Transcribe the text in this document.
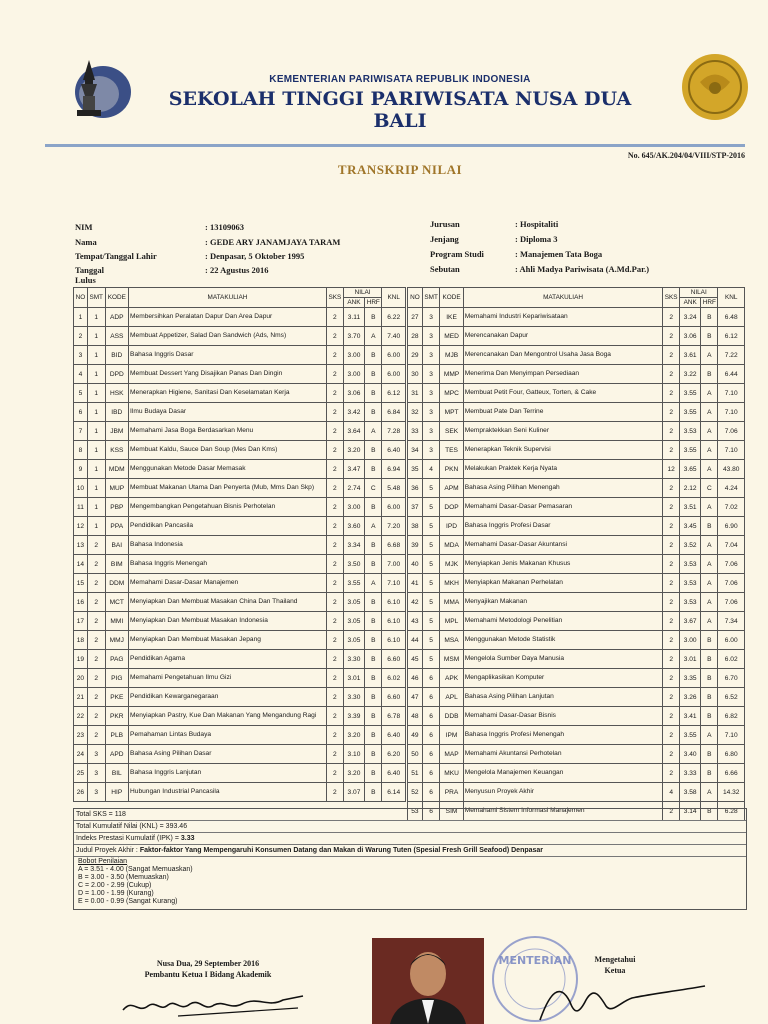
KEMENTERIAN PARIWISATA REPUBLIK INDONESIA
SEKOLAH TINGGI PARIWISATA NUSA DUA BALI
No. 645/AK.204/04/VIII/STP-2016
TRANSKRIP NILAI
NIM	: 13109063
Nama	: GEDE ARY JANAMJAYA TARAM
Tempat/Tanggal Lahir	: Denpasar, 5 Oktober 1995
Tanggal Lulus
: 22 Agustus 2016
Jurusan	: Hospitaliti
Jenjang	: Diploma 3
Program Studi	: Manajemen Tata Boga
Sebutan	: Ahli Madya Pariwisata (A.Md.Par.)
NO	SMT	KODE	MATAKULIAH	SKS	NILAI		KNL
					ANK	HRF	
1	1	ADP	Membersihkan Peralatan Dapur Dan Area Dapur	2	3.11	B	6.22
2	1	ASS	Membuat Appetizer, Salad Dan Sandwich (Ads, Nms)	2	3.70	A	7.40
3	1	BID	Bahasa Inggris Dasar	2	3.00	B	6.00
4	1	DPD	Membuat Dessert Yang Disajikan Panas Dan Dingin	2	3.00	B	6.00
5	1	HSK	Menerapkan Higiene, Sanitasi Dan Keselamatan Kerja	2	3.06	B	6.12
6	1	IBD	Ilmu Budaya Dasar	2	3.42	B	6.84
7	1	JBM	Memahami Jasa Boga Berdasarkan Menu	2	3.64	A	7.28
8	1	KSS	Membuat Kaldu, Sauce Dan Soup (Mes Dan Kms)	2	3.20	B	6.40
9	1	MDM	Menggunakan Metode Dasar Memasak	2	3.47	B	6.94
10	1	MUP	Membuat Makanan Utama Dan Penyerta (Mub, Mms Dan Skp)	2	2.74	C	5.48
11	1	PBP	Mengembangkan Pengetahuan Bisnis Perhotelan	2	3.00	B	6.00
12	1	PPA	Pendidikan Pancasila	2	3.60	A	7.20
13	2	BAI	Bahasa Indonesia	2	3.34	B	6.68
14	2	BIM	Bahasa Inggris Menengah	2	3.50	B	7.00
15	2	DDM	Memahami Dasar-Dasar Manajemen	2	3.55	A	7.10
16	2	MCT	Menyiapkan Dan Membuat Masakan China Dan Thailand	2	3.05	B	6.10
17	2	MMI	Menyiapkan Dan Membuat Masakan Indonesia	2	3.05	B	6.10
18	2	MMJ	Menyiapkan Dan Membuat Masakan Jepang	2	3.05	B	6.10
19	2	PAG	Pendidikan Agama	2	3.30	B	6.60
20	2	PIG	Memahami Pengetahuan Ilmu Gizi	2	3.01	B	6.02
21	2	PKE	Pendidikan Kewarganegaraan	2	3.30	B	6.60
22	2	PKR	Menyiapkan Pastry, Kue Dan Makanan Yang Mengandung Ragi	2	3.39	B	6.78
23	2	PLB	Pemahaman Lintas Budaya	2	3.20	B	6.40
24	3	APD	Bahasa Asing Pilihan Dasar	2	3.10	B	6.20
25	3	BIL	Bahasa Inggris Lanjutan	2	3.20	B	6.40
26	3	HIP	Hubungan Industrial Pancasila	2	3.07	B	6.14
NO	SMT	KODE	MATAKULIAH	SKS	NILAI		KNL
					ANK	HRF	
27	3	IKE	Memahami Industri Kepariwisataan	2	3.24	B	6.48
28	3	MED	Merencanakan Dapur	2	3.06	B	6.12
29	3	MJB	Merencanakan Dan Mengontrol Usaha Jasa Boga	2	3.61	A	7.22
30	3	MMP	Menerima Dan Menyimpan Persediaan	2	3.22	B	6.44
31	3	MPC	Membuat Petit Four, Gatteux, Torten, & Cake	2	3.55	A	7.10
32	3	MPT	Membuat Pate Dan Terrine	2	3.55	A	7.10
33	3	SEK	Mempraktekkan Seni Kuliner	2	3.53	A	7.06
34	3	TES	Menerapkan Teknik Supervisi	2	3.55	A	7.10
35	4	PKN	Melakukan Praktek Kerja Nyata	12	3.65	A	43.80
36	5	APM	Bahasa Asing Pilihan Menengah	2	2.12	C	4.24
37	5	DOP	Memahami Dasar-Dasar Pemasaran	2	3.51	A	7.02
38	5	IPD	Bahasa Inggris Profesi Dasar	2	3.45	B	6.90
39	5	MDA	Memahami Dasar-Dasar Akuntansi	2	3.52	A	7.04
40	5	MJK	Menyiapkan Jenis Makanan Khusus	2	3.53	A	7.06
41	5	MKH	Menyiapkan Makanan Perhelatan	2	3.53	A	7.06
42	5	MMA	Menyajikan Makanan	2	3.53	A	7.06
43	5	MPL	Memahami Metodologi Penelitian	2	3.67	A	7.34
44	5	MSA	Menggunakan Metode Statistik	2	3.00	B	6.00
45	5	MSM	Mengelola Sumber Daya Manusia	2	3.01	B	6.02
46	6	APK	Mengaplikasikan Komputer	2	3.35	B	6.70
47	6	APL	Bahasa Asing Pilihan Lanjutan	2	3.26	B	6.52
48	6	DDB	Memahami Dasar-Dasar Bisnis	2	3.41	B	6.82
49	6	IPM	Bahasa Inggris Profesi Menengah	2	3.55	A	7.10
50	6	MAP	Memahami Akuntansi Perhotelan	2	3.40	B	6.80
51	6	MKU	Mengelola Manajemen Keuangan	2	3.33	B	6.66
52	6	PRA	Menyusun Proyek Akhir	4	3.58	A	14.32
53	6	SIM	Memahami Sistem Informasi Manajemen	2	3.14	B	6.28
Total SKS = 118
Total Kumulatif Nilai (KNL) = 393.46
Indeks Prestasi Kumulatif (IPK) = 3.33
Judul Proyek Akhir : Faktor-faktor Yang Mempengaruhi Konsumen Datang dan Makan di Warung Tuten (Spesial Fresh Grill Seafood) Denpasar
Bobot Penilaian
A = 3.51 - 4.00 (Sangat Memuaskan)
B = 3.00 - 3.50 (Memuaskan)
C = 2.00 - 2.99 (Cukup)
D = 1.00 - 1.99 (Kurang)
E = 0.00 - 0.99 (Sangat Kurang)
Nusa Dua, 29 September 2016
Pembantu Ketua I Bidang Akademik
MENTERIAN	Mengetahui
Ketua
